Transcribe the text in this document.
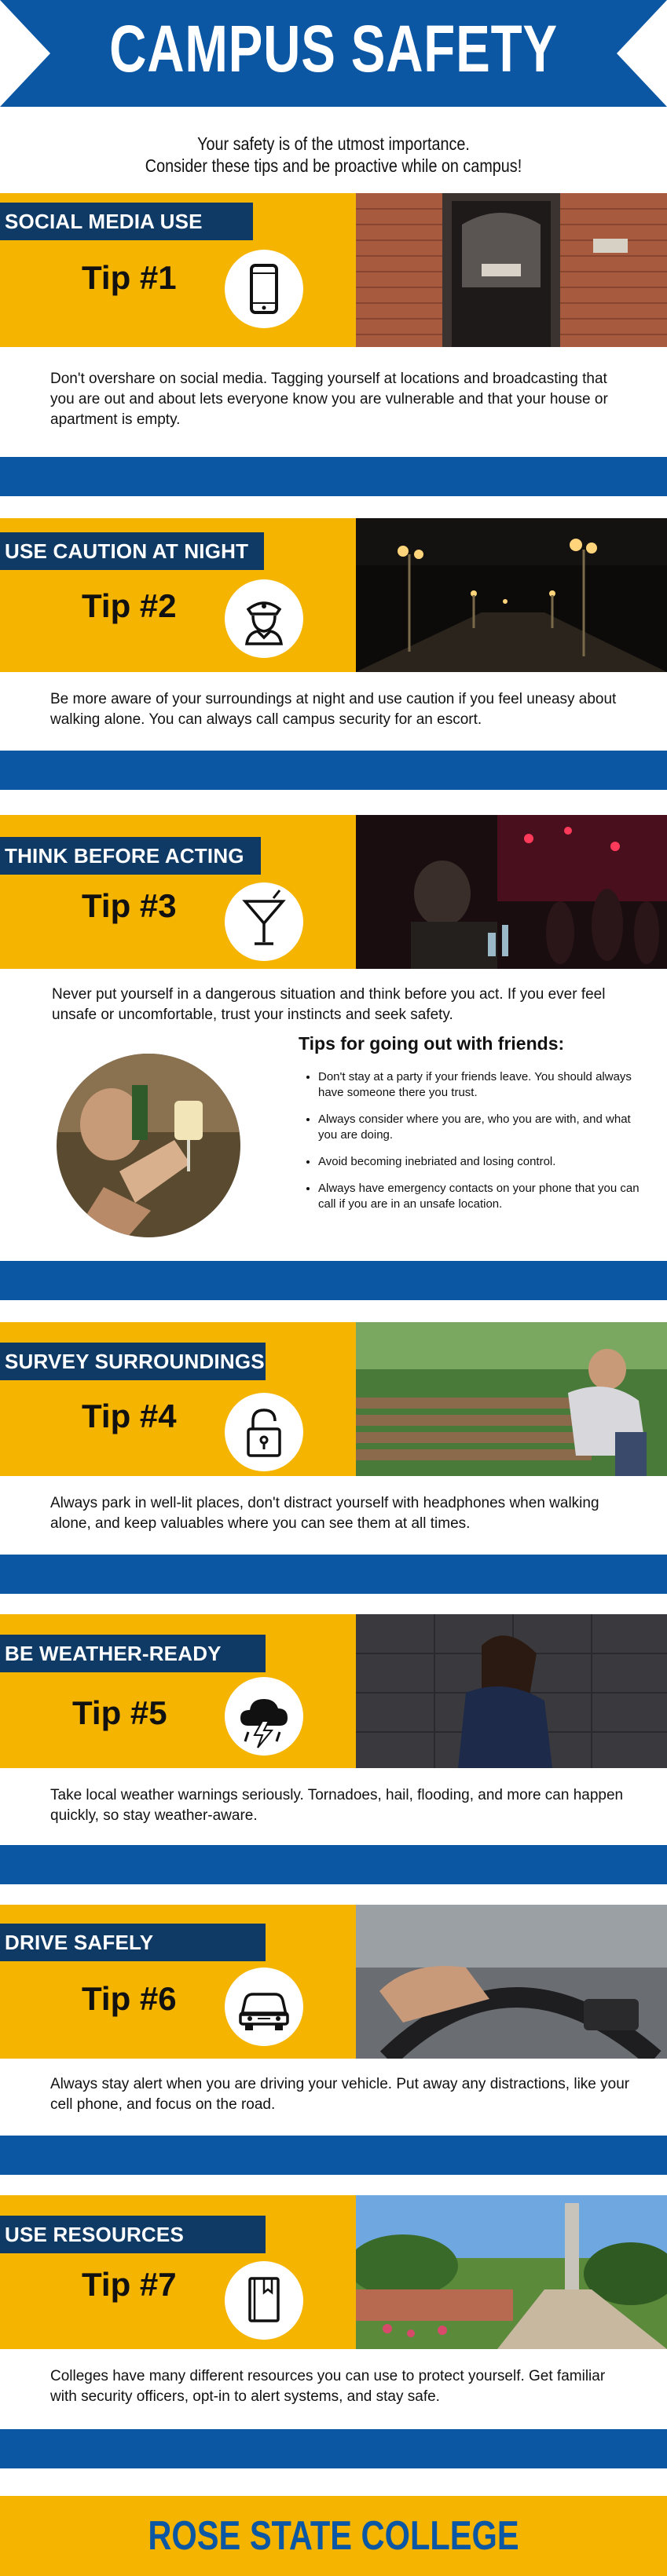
CAMPUS SAFETY
Your safety is of the utmost importance.
Consider these tips and be proactive while on campus!
SOCIAL MEDIA USE
Tip #1
Don't overshare on social media. Tagging yourself at locations and broadcasting that you are out and about lets everyone know you are vulnerable and that your house or apartment is empty.
USE CAUTION AT NIGHT
Tip #2
Be more aware of your surroundings at night and use caution if you feel uneasy about walking alone. You can always call campus security for an escort.
THINK BEFORE ACTING
Tip #3
Never put yourself in a dangerous situation and think before you act. If you ever feel unsafe or uncomfortable, trust your instincts and seek safety.
Tips for going out with friends:
• Don't stay at a party if your friends leave. You should always have someone there you trust.
• Always consider where you are, who you are with, and what you are doing.
• Avoid becoming inebriated and losing control.
• Always have emergency contacts on your phone that you can call if you are in an unsafe location.
SURVEY SURROUNDINGS
Tip #4
Always park in well-lit places, don't distract yourself with headphones when walking alone, and keep valuables where you can see them at all times.
BE WEATHER-READY
Tip #5
Take local weather warnings seriously. Tornadoes, hail, flooding, and more can happen quickly, so stay weather-aware.
DRIVE SAFELY
Tip #6
Always stay alert when you are driving your vehicle. Put away any distractions, like your cell phone, and focus on the road.
USE RESOURCES
Tip #7
Colleges have many different resources you can use to protect yourself. Get familiar with security officers, opt-in to alert systems, and stay safe.
ROSE STATE COLLEGE
